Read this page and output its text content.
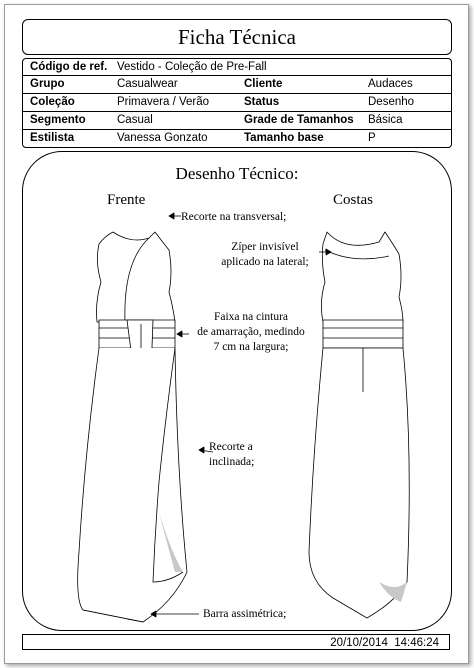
Ficha Técnica
Código de ref. Vestido - Coleção de Pre-Fall
Grupo	Casualwear	Cliente	Audaces
Coleção	Primavera / Verão	Status	Desenho
Segmento	Casual	Grade de Tamanhos	Básica
Estilista	Vanessa Gonzato	Tamanho base	P
Desenho Técnico:
Frente	Costas
Recorte na transversal;
Zíper invisível
aplicado na lateral;
Faixa na cintura
de amarração, medindo
7 cm na largura;
Recorte a
inclinada;
Barra assimétrica;
20/10/2014 14:46:24
